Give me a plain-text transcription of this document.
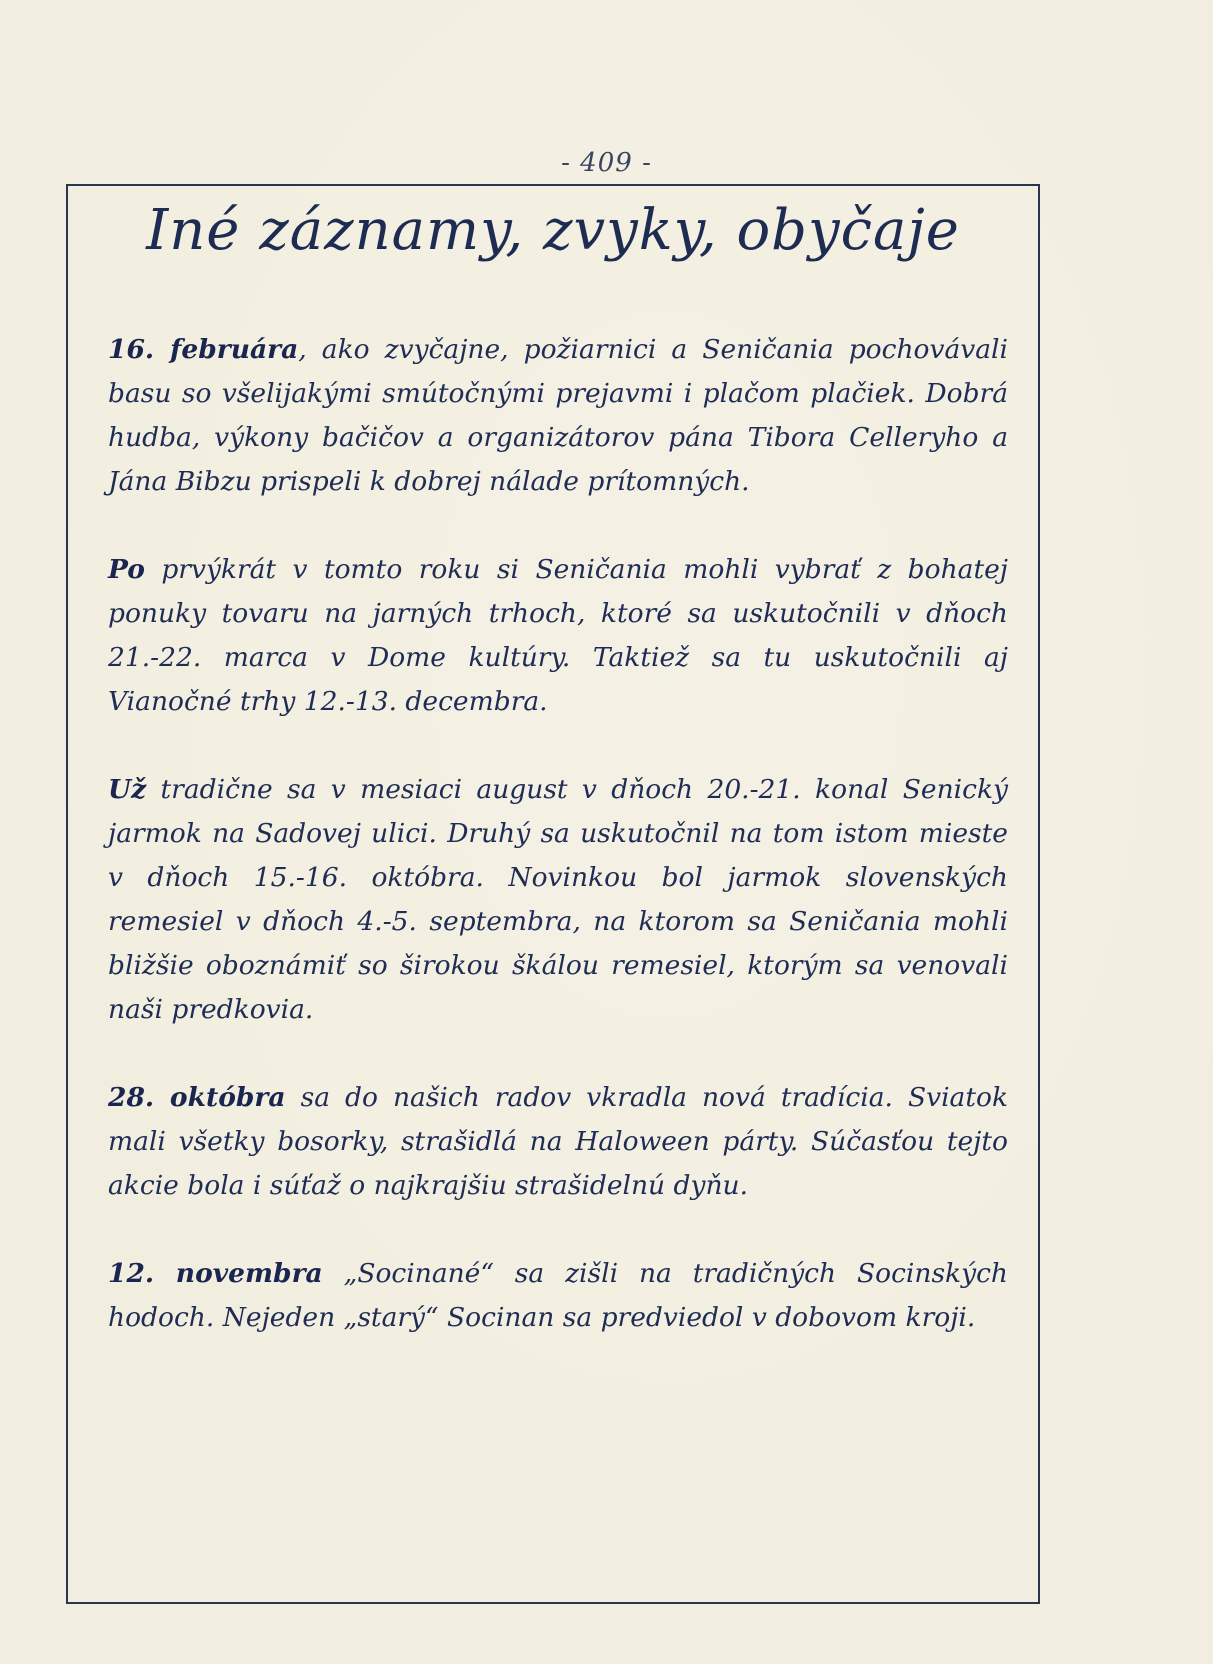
- 409 -
Iné záznamy, zvyky, obyčaje

16. februára, ako zvyčajne, požiarnici a Seničania pochovávali basu so všelijakými smútočnými prejavmi i plačom plačiek. Dobrá hudba, výkony bačičov a organizátorov pána Tibora Celleryho a Jána Bibzu prispeli k dobrej nálade prítomných.

Po prvýkrát v tomto roku si Seničania mohli vybrať z bohatej ponuky tovaru na jarných trhoch, ktoré sa uskutočnili v dňoch 21.-22. marca v Dome kultúry. Taktiež sa tu uskutočnili aj Vianočné trhy 12.-13. decembra.

Už tradične sa v mesiaci august v dňoch 20.-21. konal Senický jarmok na Sadovej ulici. Druhý sa uskutočnil na tom istom mieste v dňoch 15.-16. októbra. Novinkou bol jarmok slovenských remesiel v dňoch 4.-5. septembra, na ktorom sa Seničania mohli bližšie oboznámiť so širokou škálou remesiel, ktorým sa venovali naši predkovia.

28. októbra sa do našich radov vkradla nová tradícia. Sviatok mali všetky bosorky, strašidlá na Haloween párty. Súčasťou tejto akcie bola i súťaž o najkrajšiu strašidelnú dyňu.

12. novembra „Socinané“ sa zišli na tradičných Socinských hodoch. Nejeden „starý“ Socinan sa predviedol v dobovom kroji.
